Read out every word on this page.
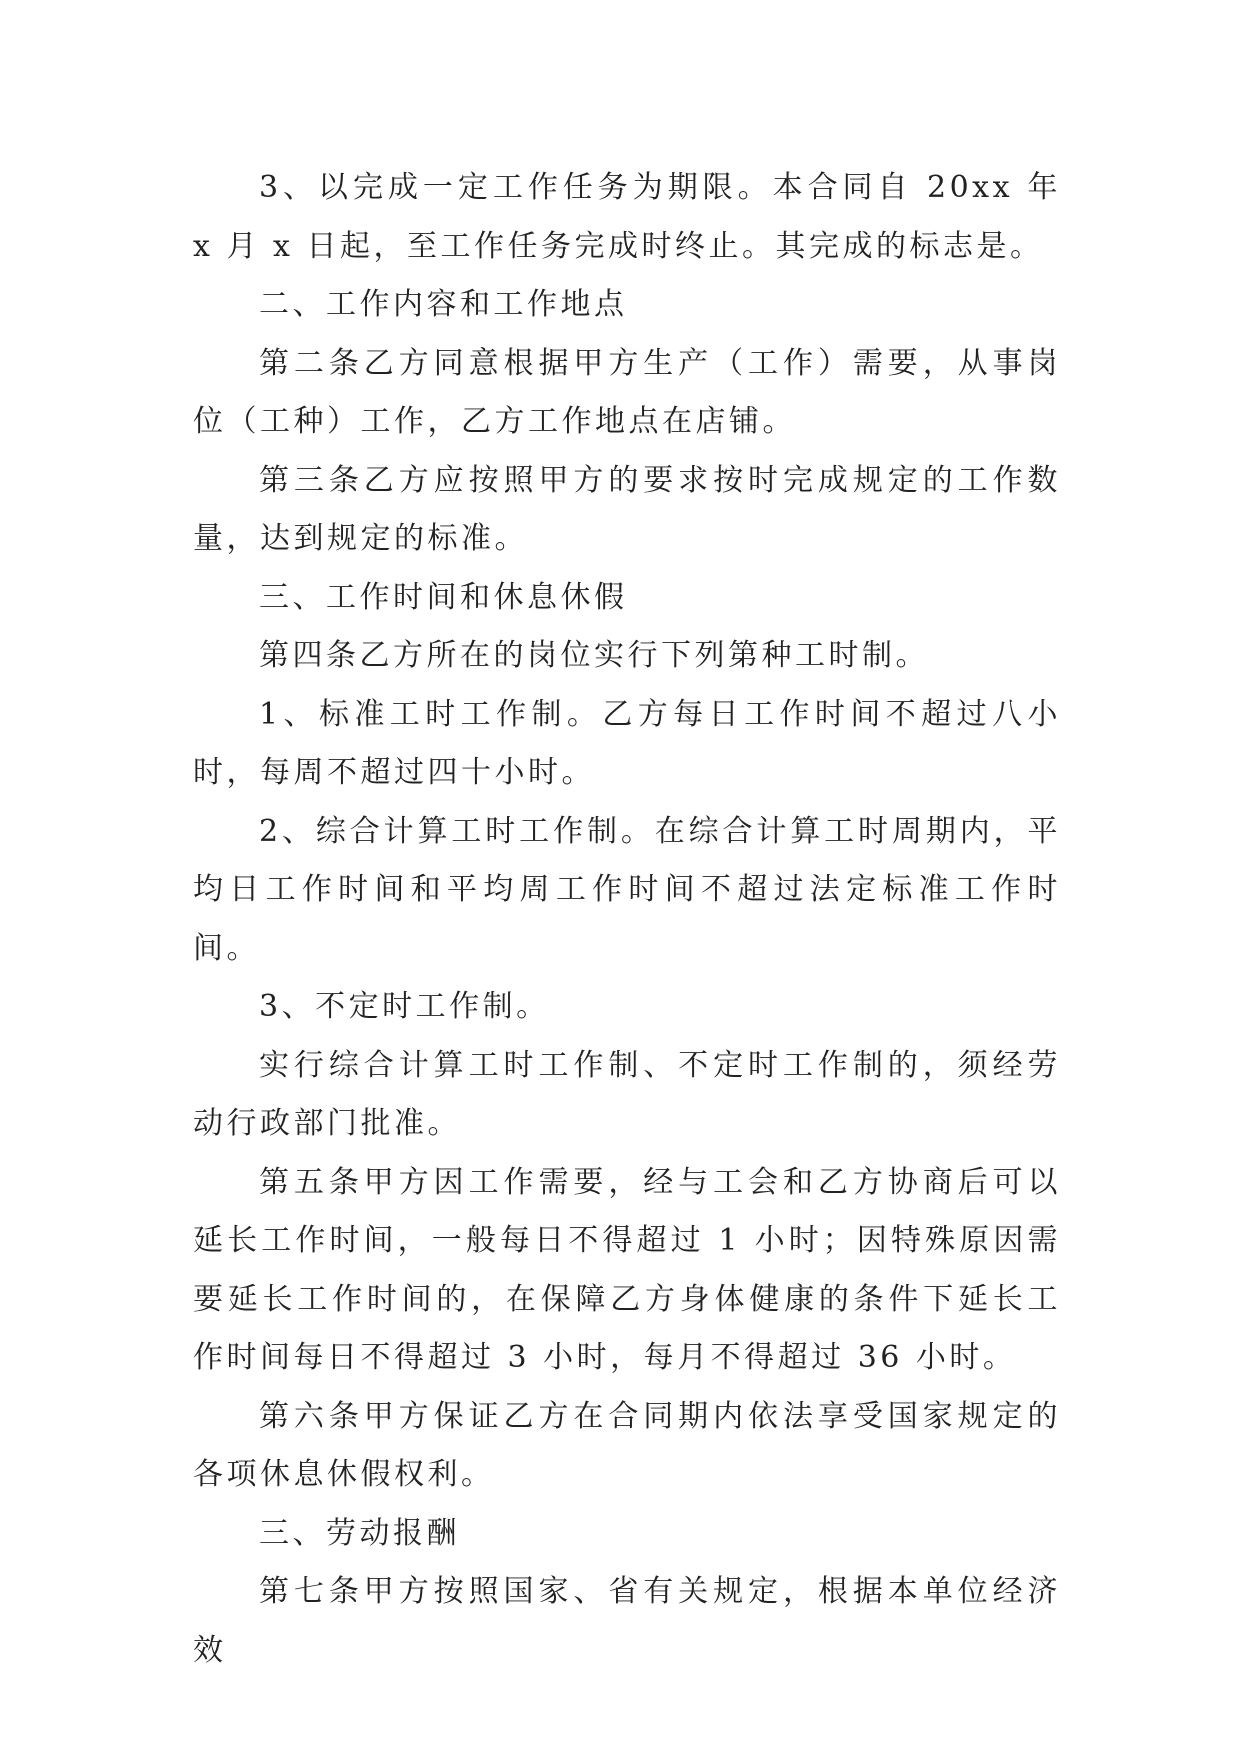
3、以完成一定工作任务为期限。本合同自 20xx 年 x 月 x 日起，至工作任务完成时终止。其完成的标志是。

二、工作内容和工作地点

第二条乙方同意根据甲方生产（工作）需要，从事岗位（工种）工作，乙方工作地点在店铺。

第三条乙方应按照甲方的要求按时完成规定的工作数量，达到规定的标准。

三、工作时间和休息休假

第四条乙方所在的岗位实行下列第种工时制。

1、标准工时工作制。乙方每日工作时间不超过八小时，每周不超过四十小时。

2、综合计算工时工作制。在综合计算工时周期内，平均日工作时间和平均周工作时间不超过法定标准工作时间。

3、不定时工作制。

实行综合计算工时工作制、不定时工作制的，须经劳动行政部门批准。

第五条甲方因工作需要，经与工会和乙方协商后可以延长工作时间，一般每日不得超过 1 小时；因特殊原因需要延长工作时间的，在保障乙方身体健康的条件下延长工作时间每日不得超过 3 小时，每月不得超过 36 小时。

第六条甲方保证乙方在合同期内依法享受国家规定的各项休息休假权利。

三、劳动报酬

第七条甲方按照国家、省有关规定，根据本单位经济效
